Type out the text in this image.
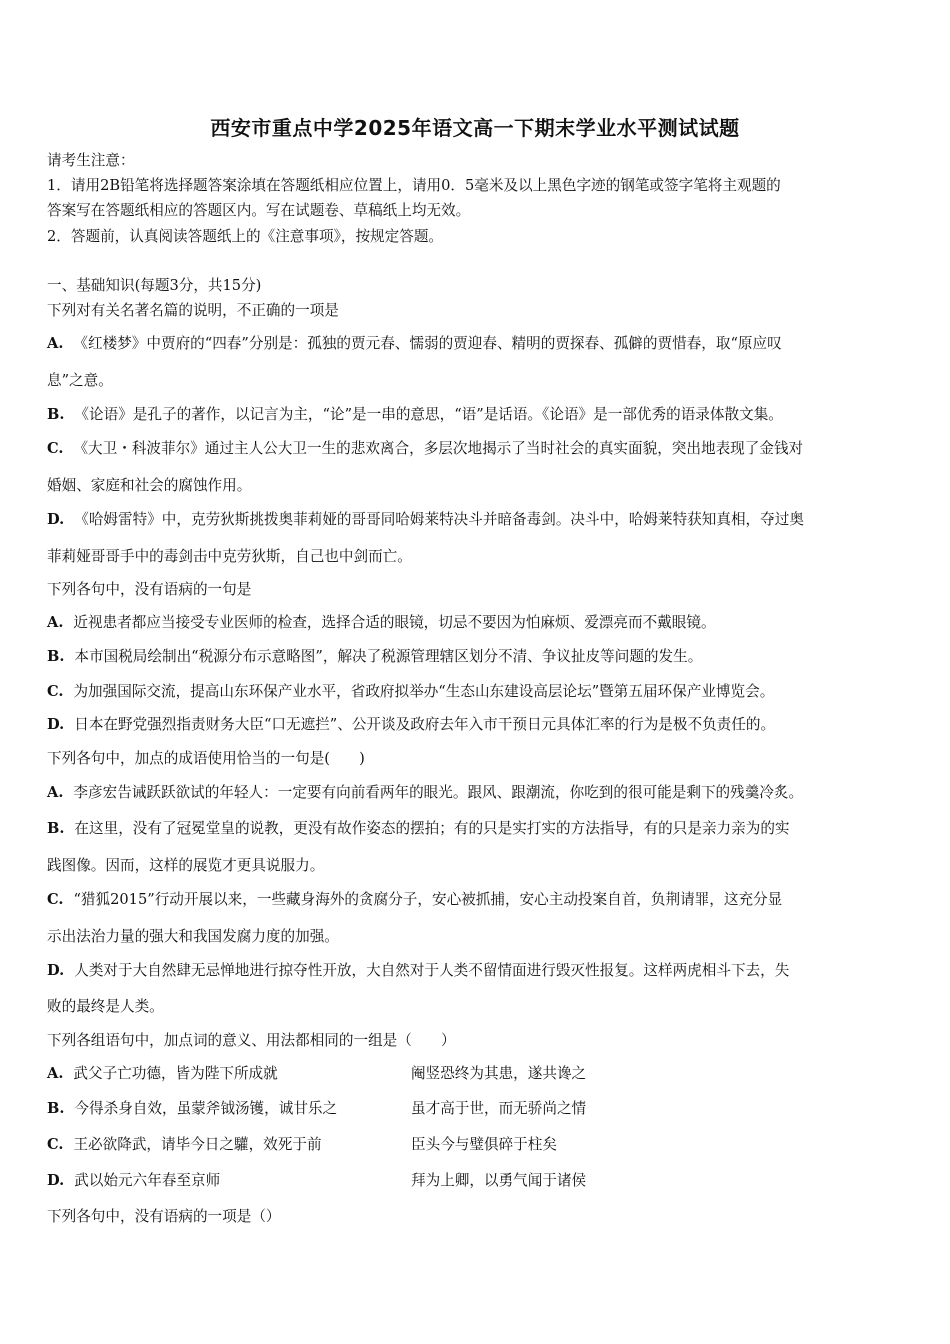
西安市重点中学2025年语文高一下期末学业水平测试试题
请考生注意：
1．请用2B铅笔将选择题答案涂填在答题纸相应位置上，请用0．5毫米及以上黑色字迹的钢笔或签字笔将主观题的
答案写在答题纸相应的答题区内。写在试题卷、草稿纸上均无效。
2．答题前，认真阅读答题纸上的《注意事项》，按规定答题。
一、基础知识(每题3分，共15分)
下列对有关名著名篇的说明，不正确的一项是
A. 《红楼梦》中贾府的“四春”分别是：孤独的贾元春、懦弱的贾迎春、精明的贾探春、孤僻的贾惜春，取“原应叹
息”之意。
B. 《论语》是孔子的著作，以记言为主，“论”是一串的意思，“语”是话语。《论语》是一部优秀的语录体散文集。
C. 《大卫・科波菲尔》通过主人公大卫一生的悲欢离合，多层次地揭示了当时社会的真实面貌，突出地表现了金钱对
婚姻、家庭和社会的腐蚀作用。
D. 《哈姆雷特》中，克劳狄斯挑拨奥菲莉娅的哥哥同哈姆莱特决斗并暗备毒剑。决斗中，哈姆莱特获知真相，夺过奥
菲莉娅哥哥手中的毒剑击中克劳狄斯，自己也中剑而亡。
下列各句中，没有语病的一句是
A. 近视患者都应当接受专业医师的检查，选择合适的眼镜，切忌不要因为怕麻烦、爱漂亮而不戴眼镜。
B. 本市国税局绘制出“税源分布示意略图”，解决了税源管理辖区划分不清、争议扯皮等问题的发生。
C. 为加强国际交流，提高山东环保产业水平，省政府拟举办“生态山东建设高层论坛”暨第五届环保产业博览会。
D. 日本在野党强烈指责财务大臣“口无遮拦”、公开谈及政府去年入市干预日元具体汇率的行为是极不负责任的。
下列各句中，加点的成语使用恰当的一句是(　　)
A. 李彦宏告诫跃跃欲试的年轻人：一定要有向前看两年的眼光。跟风、跟潮流，你吃到的很可能是剩下的残羹冷炙。
B. 在这里，没有了冠冕堂皇的说教，更没有故作姿态的摆拍；有的只是实打实的方法指导，有的只是亲力亲为的实
践图像。因而，这样的展览才更具说服力。
C. “猎狐2015”行动开展以来，一些藏身海外的贪腐分子，安心被抓捕，安心主动投案自首，负荆请罪，这充分显
示出法治力量的强大和我国发腐力度的加强。
D. 人类对于大自然肆无忌惮地进行掠夺性开放，大自然对于人类不留情面进行毁灭性报复。这样两虎相斗下去，失
败的最终是人类。
下列各组语句中，加点词的意义、用法都相同的一组是（　　）
A. 武父子亡功德，皆为陛下所成就	阉竖恐终为其患，遂共谗之
B. 今得杀身自效，虽蒙斧钺汤镬，诚甘乐之	虽才高于世，而无骄尚之情
C. 王必欲降武，请毕今日之驩，效死于前	臣头今与璧俱碎于柱矣
D. 武以始元六年春至京师	拜为上卿，以勇气闻于诸侯
下列各句中，没有语病的一项是（）
